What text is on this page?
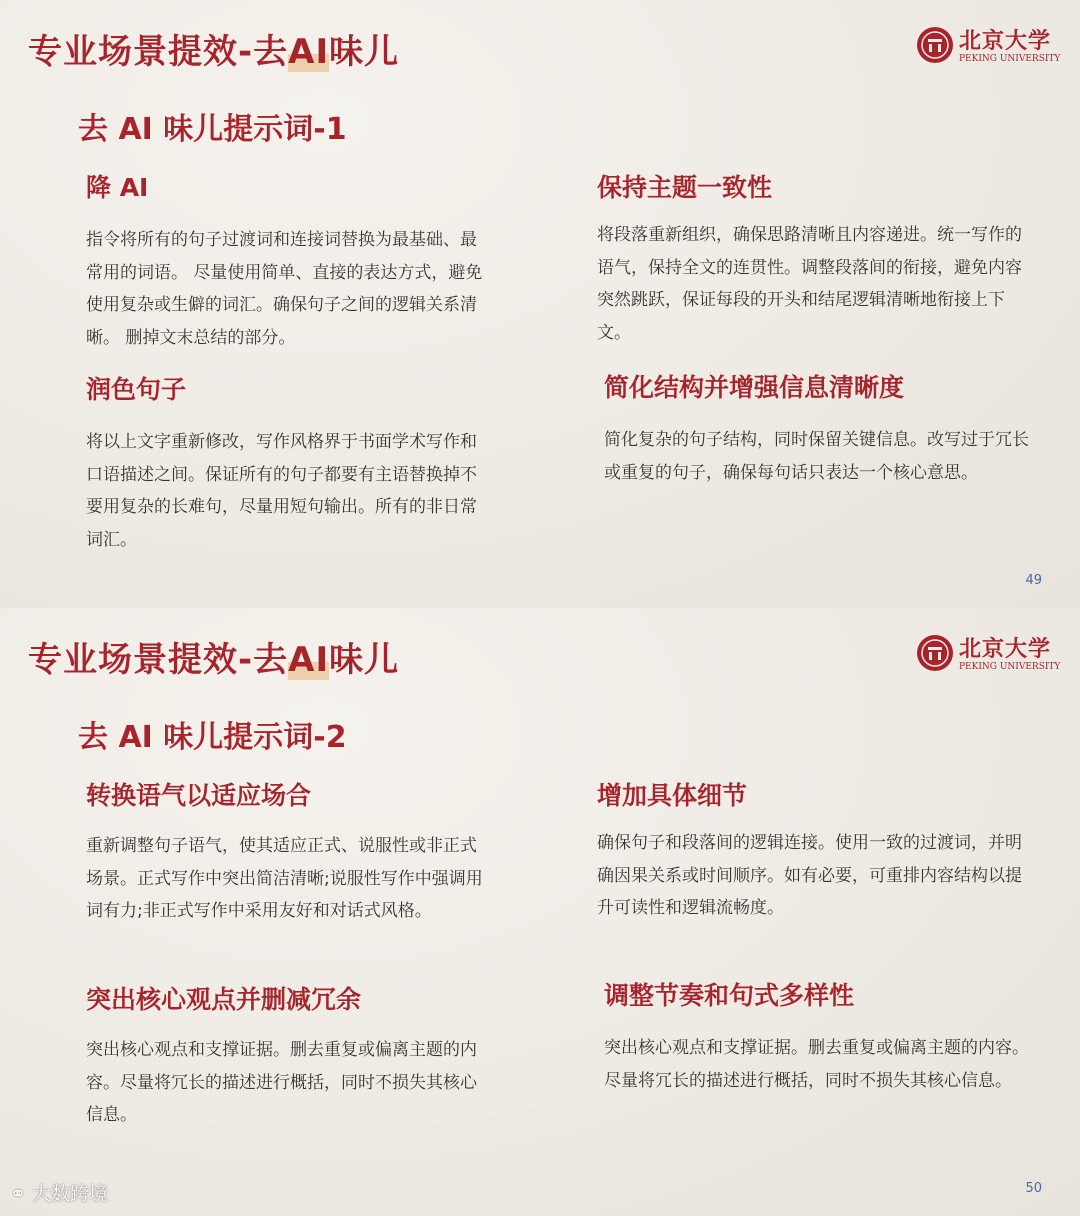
专业场景提效-去AI味儿	北京大学
PEKING UNIVERSITY
去 AI 味儿提示词-1
降 AI

指令将所有的句子过渡词和连接词替换为最基础、最常用的词语。 尽量使用简单、直接的表达方式，避免使用复杂或生僻的词汇。确保句子之间的逻辑关系清晰。 删掉文末总结的部分。

润色句子

将以上文字重新修改，写作风格界于书面学术写作和口语描述之间。保证所有的句子都要有主语替换掉不要用复杂的长难句，尽量用短句输出。所有的非日常词汇。

保持主题一致性

将段落重新组织，确保思路清晰且内容递进。统一写作的语气，保持全文的连贯性。调整段落间的衔接，避免内容突然跳跃，保证每段的开头和结尾逻辑清晰地衔接上下文。

简化结构并增强信息清晰度

简化复杂的句子结构，同时保留关键信息。改写过于冗长或重复的句子，确保每句话只表达一个核心意思。

49
专业场景提效-去AI味儿	北京大学
PEKING UNIVERSITY
去 AI 味儿提示词-2
转换语气以适应场合

重新调整句子语气，使其适应正式、说服性或非正式场景。正式写作中突出简洁清晰;说服性写作中强调用词有力;非正式写作中采用友好和对话式风格。

突出核心观点并删减冗余

突出核心观点和支撑证据。删去重复或偏离主题的内容。尽量将冗长的描述进行概括，同时不损失其核心信息。

增加具体细节

确保句子和段落间的逻辑连接。使用一致的过渡词，并明确因果关系或时间顺序。如有必要，可重排内容结构以提升可读性和逻辑流畅度。

调整节奏和句式多样性

突出核心观点和支撑证据。删去重复或偏离主题的内容。尽量将冗长的描述进行概括，同时不损失其核心信息。

50
⚭ 大数跨境
